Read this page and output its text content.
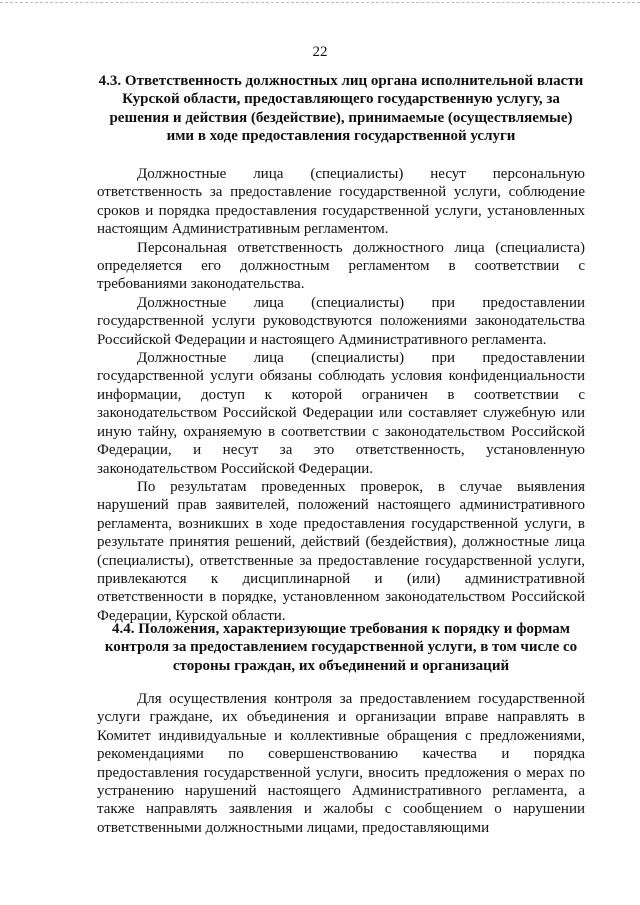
22
4.3. Ответственность должностных лиц органа исполнительной власти Курской области, предоставляющего государственную услугу, за решения и действия (бездействие), принимаемые (осуществляемые) ими в ходе предоставления государственной услуги

Должностные лица (специалисты) несут персональную ответственность за предоставление государственной услуги, соблюдение сроков и порядка предоставления государственной услуги, установленных настоящим Административным регламентом.

Персональная ответственность должностного лица (специалиста) определяется его должностным регламентом в соответствии с требованиями законодательства.

Должностные лица (специалисты) при предоставлении государственной услуги руководствуются положениями законодательства Российской Федерации и настоящего Административного регламента.

Должностные лица (специалисты) при предоставлении государственной услуги обязаны соблюдать условия конфиденциальности информации, доступ к которой ограничен в соответствии с законодательством Российской Федерации или составляет служебную или иную тайну, охраняемую в соответствии с законодательством Российской Федерации, и несут за это ответственность, установленную законодательством Российской Федерации.

По результатам проведенных проверок, в случае выявления нарушений прав заявителей, положений настоящего административного регламента, возникших в ходе предоставления государственной услуги, в результате принятия решений, действий (бездействия), должностные лица (специалисты), ответственные за предоставление государственной услуги, привлекаются к дисциплинарной и (или) административной ответственности в порядке, установленном законодательством Российской Федерации, Курской области.

4.4. Положения, характеризующие требования к порядку и формам контроля за предоставлением государственной услуги, в том числе со стороны граждан, их объединений и организаций

Для осуществления контроля за предоставлением государственной услуги граждане, их объединения и организации вправе направлять в Комитет индивидуальные и коллективные обращения с предложениями, рекомендациями по совершенствованию качества и порядка предоставления государственной услуги, вносить предложения о мерах по устранению нарушений настоящего Административного регламента, а также направлять заявления и жалобы с сообщением о нарушении ответственными должностными лицами, предоставляющими
